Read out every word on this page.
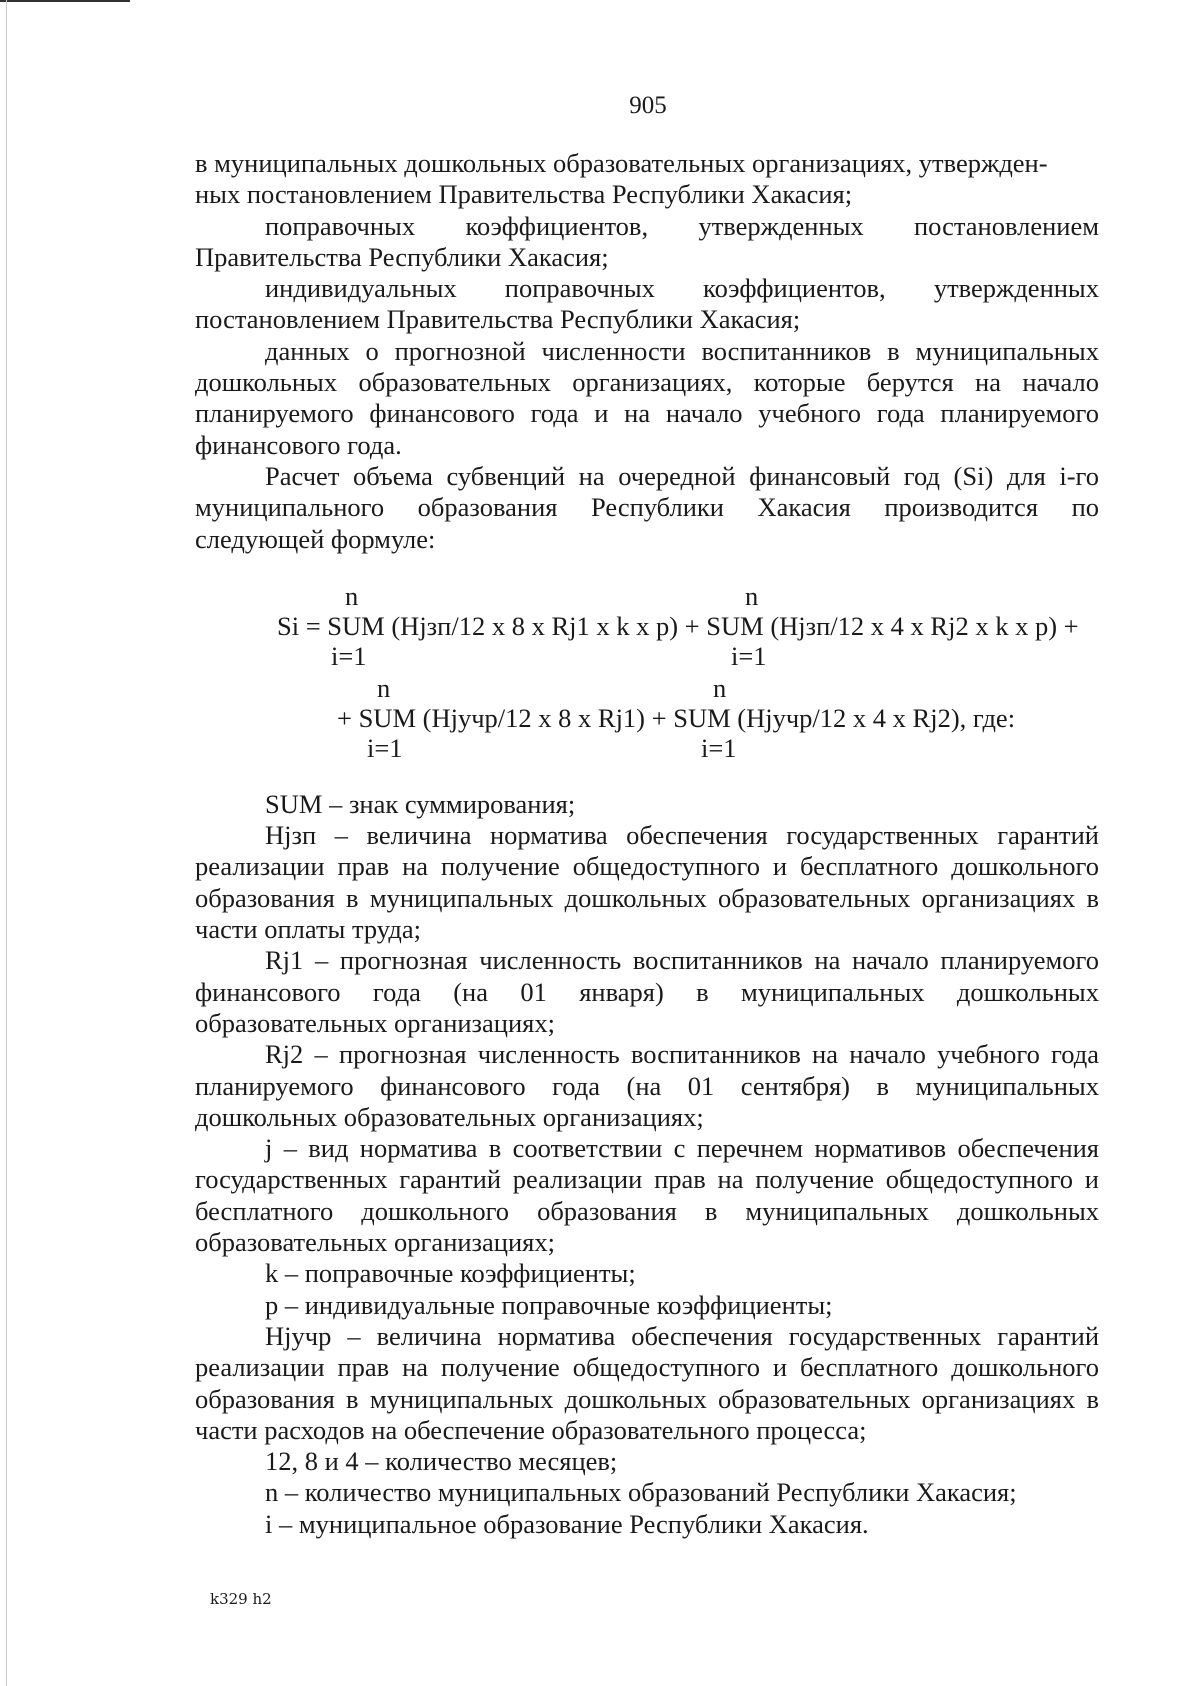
905

в муниципальных дошкольных образовательных организациях, утвержден-
ных постановлением Правительства Республики Хакасия;

поправочных коэффициентов, утвержденных постановлением

Правительства Республики Хакасия;

индивидуальных поправочных коэффициентов, утвержденных

постановлением Правительства Республики Хакасия;

данных о прогнозной численности воспитанников в муниципальных дошкольных образовательных организациях, которые берутся на начало планируемого финансового года и на начало учебного года планируемого финансового года.

Расчет объема субвенций на очередной финансовый год (Si) для i-го муниципального образования Республики Хакасия производится по следующей формуле:

n	n
Si = SUM (Hjзп/12 x 8 x Rj1 x k x p) + SUM (Hjзп/12 x 4 x Rj2 x k x p) +
i=1	i=1
n	n
+ SUM (Hjучр/12 x 8 x Rj1) + SUM (Hjучр/12 x 4 x Rj2), где:
i=1	i=1

SUM – знак суммирования;

Hjзп – величина норматива обеспечения государственных гарантий реализации прав на получение общедоступного и бесплатного дошкольного образования в муниципальных дошкольных образовательных организациях в части оплаты труда;

Rj1 – прогнозная численность воспитанников на начало планируемого финансового года (на 01 января) в муниципальных дошкольных образовательных организациях;

Rj2 – прогнозная численность воспитанников на начало учебного года планируемого финансового года (на 01 сентября) в муниципальных дошкольных образовательных организациях;

j – вид норматива в соответствии с перечнем нормативов обеспечения государственных гарантий реализации прав на получение общедоступного и бесплатного дошкольного образования в муниципальных дошкольных образовательных организациях;

k – поправочные коэффициенты;

p – индивидуальные поправочные коэффициенты;

Hjучр – величина норматива обеспечения государственных гарантий реализации прав на получение общедоступного и бесплатного дошкольного образования в муниципальных дошкольных образовательных организациях в части расходов на обеспечение образовательного процесса;

12, 8 и 4 – количество месяцев;

n – количество муниципальных образований Республики Хакасия;

i – муниципальное образование Республики Хакасия.

k329 h2
